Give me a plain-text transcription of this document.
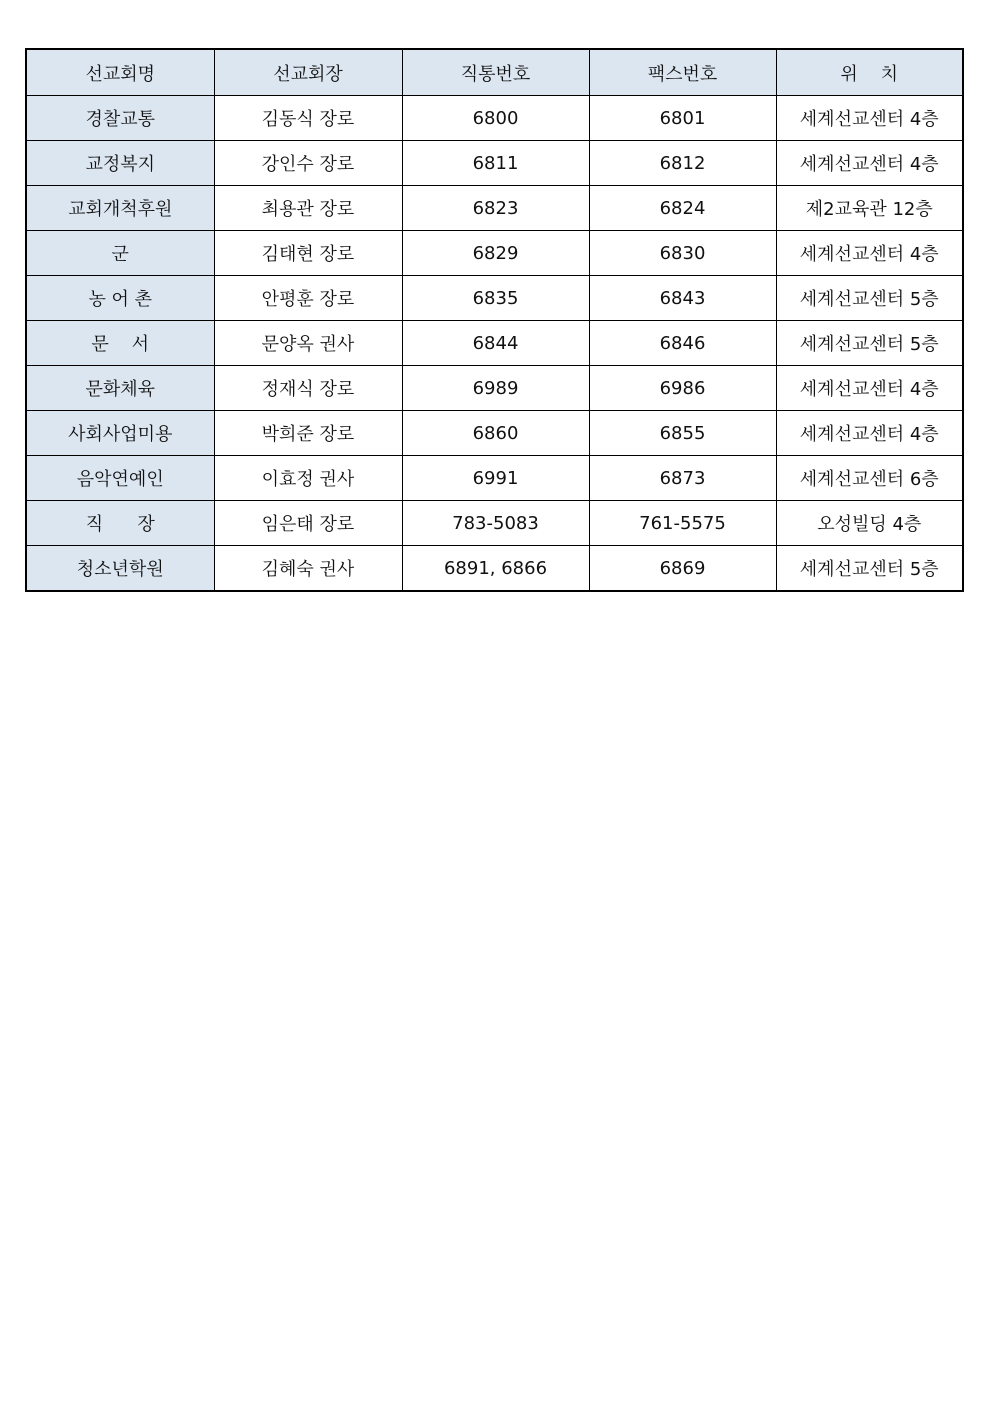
선교회명	선교회장	직통번호	팩스번호	위    치
경찰교통	김동식 장로	6800	6801	세계선교센터 4층
교정복지	강인수 장로	6811	6812	세계선교센터 4층
교회개척후원	최용관 장로	6823	6824	제2교육관 12층
군	김태현 장로	6829	6830	세계선교센터 4층
농 어 촌	안평훈 장로	6835	6843	세계선교센터 5층
문    서	문양옥 권사	6844	6846	세계선교센터 5층
문화체육	정재식 장로	6989	6986	세계선교센터 4층
사회사업미용	박희준 장로	6860	6855	세계선교센터 4층
음악연예인	이효정 권사	6991	6873	세계선교센터 6층
직      장	임은태 장로	783-5083	761-5575	오성빌딩 4층
청소년학원	김혜숙 권사	6891, 6866	6869	세계선교센터 5층
